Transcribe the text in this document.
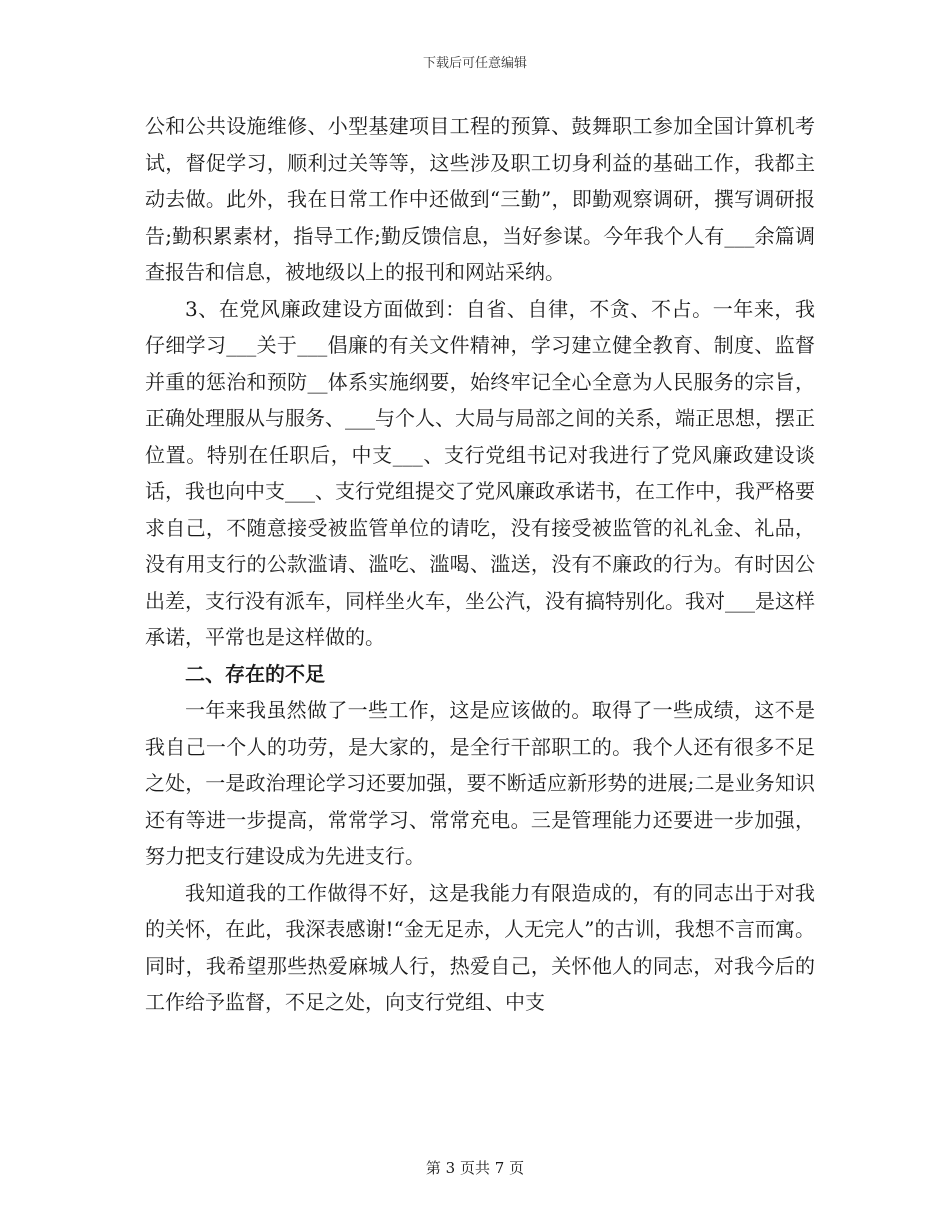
下载后可任意编辑

公和公共设施维修、小型基建项目工程的预算、鼓舞职工参加全国计算机考试，督促学习，顺利过关等等，这些涉及职工切身利益的基础工作，我都主动去做。此外，我在日常工作中还做到“三勤”，即勤观察调研，撰写调研报告;勤积累素材，指导工作;勤反馈信息，当好参谋。今年我个人有___余篇调查报告和信息，被地级以上的报刊和网站采纳。

3、在党风廉政建设方面做到：自省、自律，不贪、不占。一年来，我仔细学习___关于___倡廉的有关文件精神，学习建立健全教育、制度、监督并重的惩治和预防__体系实施纲要，始终牢记全心全意为人民服务的宗旨，正确处理服从与服务、___与个人、大局与局部之间的关系，端正思想，摆正位置。特别在任职后，中支___、支行党组书记对我进行了党风廉政建设谈话，我也向中支___、支行党组提交了党风廉政承诺书，在工作中，我严格要求自己，不随意接受被监管单位的请吃，没有接受被监管的礼礼金、礼品，没有用支行的公款滥请、滥吃、滥喝、滥送，没有不廉政的行为。有时因公出差，支行没有派车，同样坐火车，坐公汽，没有搞特别化。我对___是这样承诺，平常也是这样做的。

二、存在的不足

一年来我虽然做了一些工作，这是应该做的。取得了一些成绩，这不是我自己一个人的功劳，是大家的，是全行干部职工的。我个人还有很多不足之处，一是政治理论学习还要加强，要不断适应新形势的进展;二是业务知识还有等进一步提高，常常学习、常常充电。三是管理能力还要进一步加强，努力把支行建设成为先进支行。

我知道我的工作做得不好，这是我能力有限造成的，有的同志出于对我的关怀，在此，我深表感谢!“金无足赤，人无完人”的古训，我想不言而寓。同时，我希望那些热爱麻城人行，热爱自己，关怀他人的同志，对我今后的工作给予监督，不足之处，向支行党组、中支

第 3 页共 7 页
